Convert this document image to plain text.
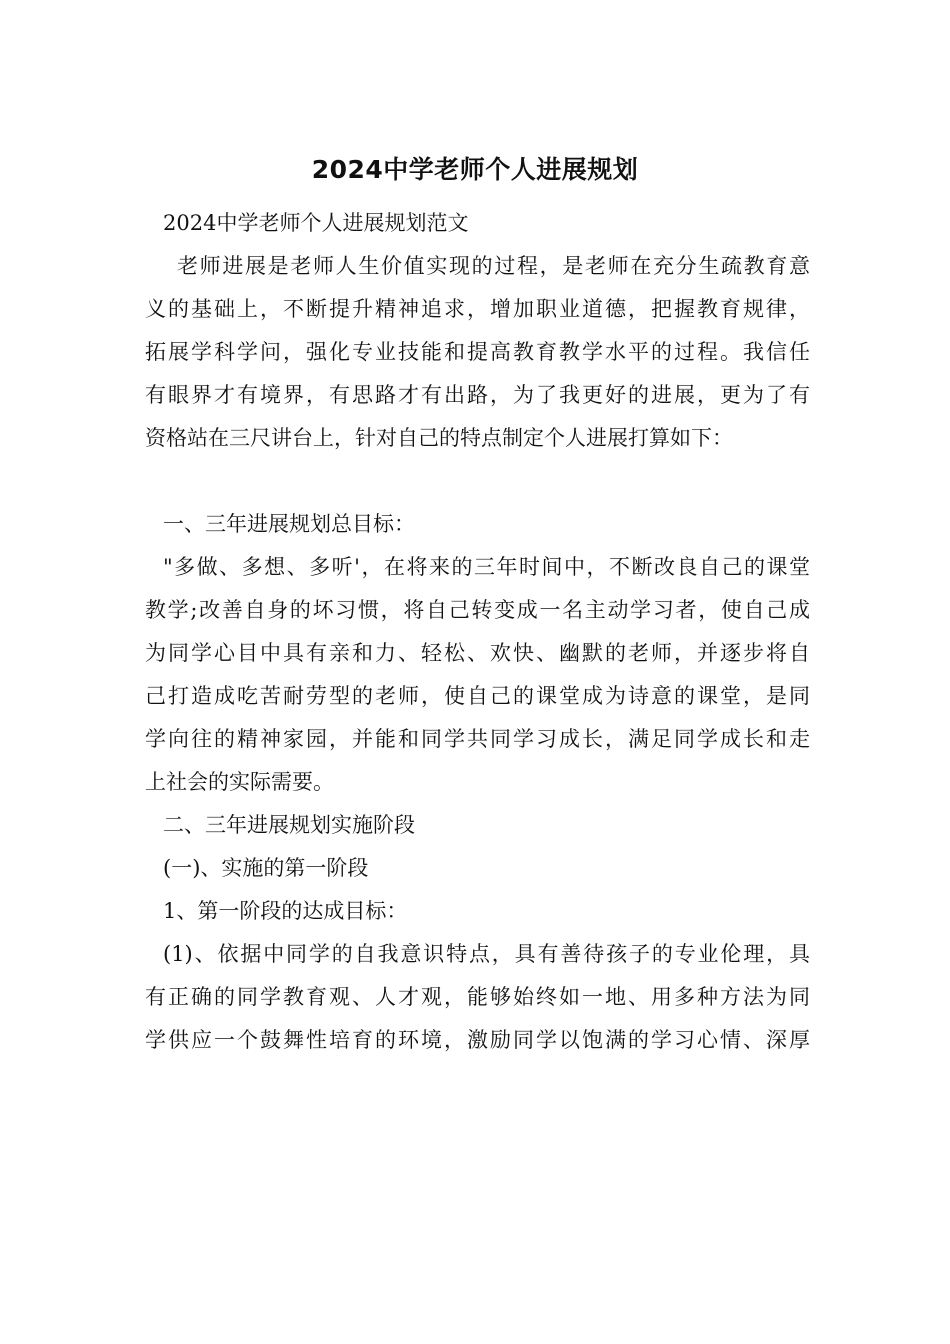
2024中学老师个人进展规划

2024中学老师个人进展规划范文

老师进展是老师人生价值实现的过程，是老师在充分生疏教育意

义的基础上，不断提升精神追求，增加职业道德，把握教育规律，

拓展学科学问，强化专业技能和提高教育教学水平的过程。我信任

有眼界才有境界，有思路才有出路，为了我更好的进展，更为了有

资格站在三尺讲台上，针对自己的特点制定个人进展打算如下：

一、三年进展规划总目标：

"多做、多想、多听'，在将来的三年时间中，不断改良自己的课堂

教学;改善自身的坏习惯，将自己转变成一名主动学习者，使自己成

为同学心目中具有亲和力、轻松、欢快、幽默的老师，并逐步将自

己打造成吃苦耐劳型的老师，使自己的课堂成为诗意的课堂，是同

学向往的精神家园，并能和同学共同学习成长，满足同学成长和走

上社会的实际需要。

二、三年进展规划实施阶段

(一)、实施的第一阶段

1、第一阶段的达成目标：

(1)、依据中同学的自我意识特点，具有善待孩子的专业伦理，具

有正确的同学教育观、人才观，能够始终如一地、用多种方法为同

学供应一个鼓舞性培育的环境，激励同学以饱满的学习心情、深厚
